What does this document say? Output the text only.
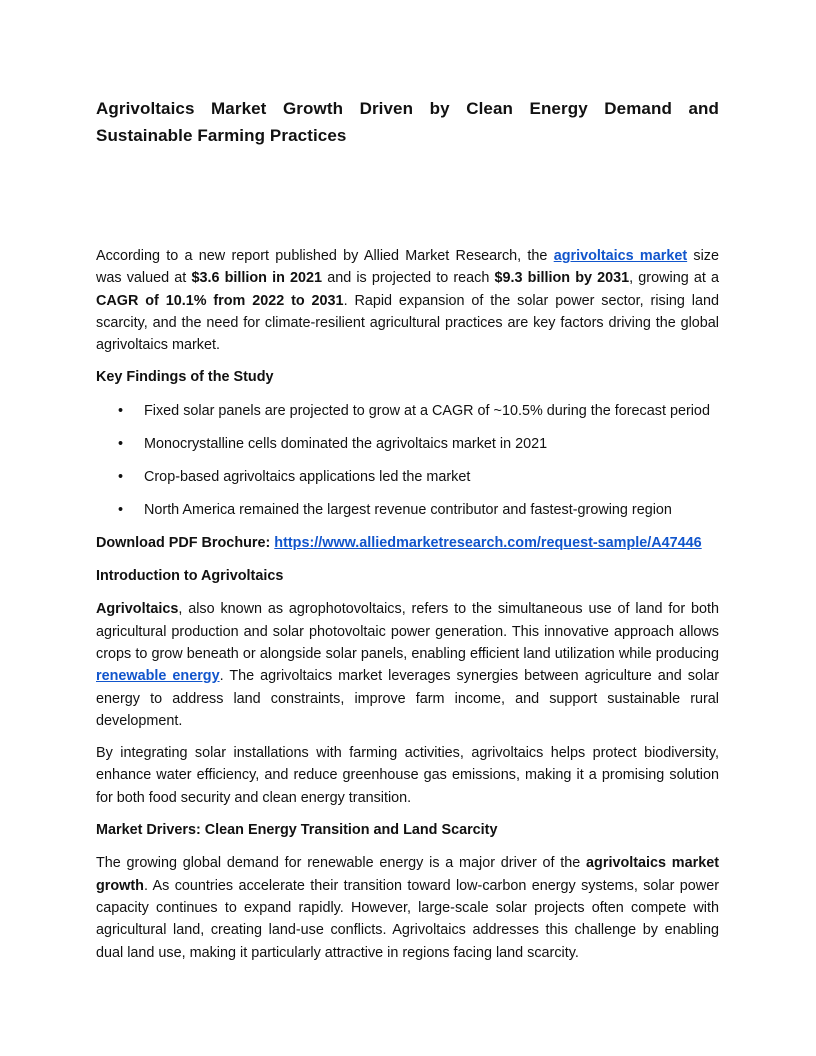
Agrivoltaics Market Growth Driven by Clean Energy Demand and Sustainable Farming Practices

According to a new report published by Allied Market Research, the agrivoltaics market size was valued at $3.6 billion in 2021 and is projected to reach $9.3 billion by 2031, growing at a CAGR of 10.1% from 2022 to 2031. Rapid expansion of the solar power sector, rising land scarcity, and the need for climate-resilient agricultural practices are key factors driving the global agrivoltaics market.

Key Findings of the Study

• Fixed solar panels are projected to grow at a CAGR of ~10.5% during the forecast period
• Monocrystalline cells dominated the agrivoltaics market in 2021
• Crop-based agrivoltaics applications led the market
• North America remained the largest revenue contributor and fastest-growing region

Download PDF Brochure: https://www.alliedmarketresearch.com/request-sample/A47446

Introduction to Agrivoltaics

Agrivoltaics, also known as agrophotovoltaics, refers to the simultaneous use of land for both agricultural production and solar photovoltaic power generation. This innovative approach allows crops to grow beneath or alongside solar panels, enabling efficient land utilization while producing renewable energy. The agrivoltaics market leverages synergies between agriculture and solar energy to address land constraints, improve farm income, and support sustainable rural development.

By integrating solar installations with farming activities, agrivoltaics helps protect biodiversity, enhance water efficiency, and reduce greenhouse gas emissions, making it a promising solution for both food security and clean energy transition.

Market Drivers: Clean Energy Transition and Land Scarcity

The growing global demand for renewable energy is a major driver of the agrivoltaics market growth. As countries accelerate their transition toward low-carbon energy systems, solar power capacity continues to expand rapidly. However, large-scale solar projects often compete with agricultural land, creating land-use conflicts. Agrivoltaics addresses this challenge by enabling dual land use, making it particularly attractive in regions facing land scarcity.
